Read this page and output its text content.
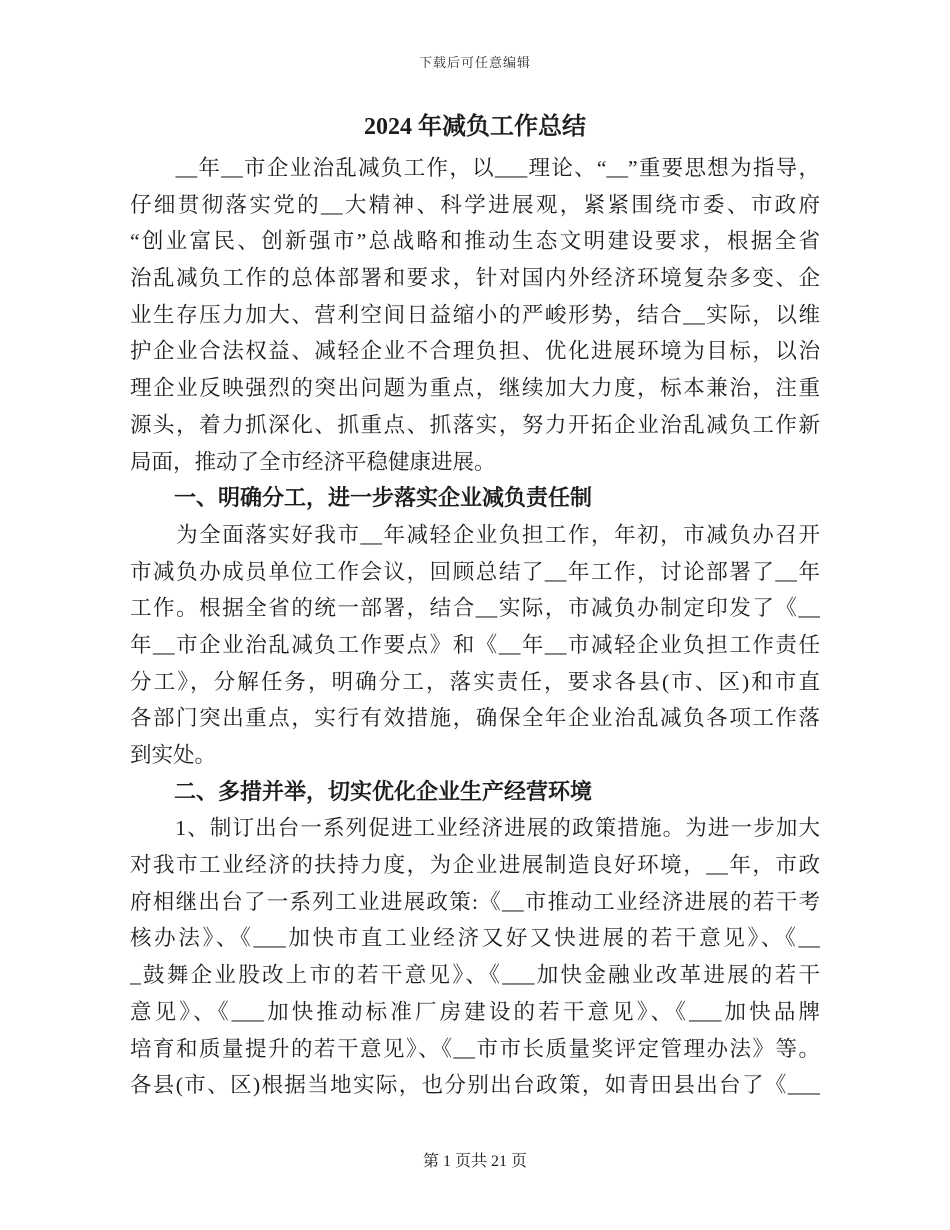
下载后可任意编辑
2024 年减负工作总结
　　__年__市企业治乱减负工作，以___理论、“__”重要思想为指导，
仔细贯彻落实党的__大精神、科学进展观，紧紧围绕市委、市政府
“创业富民、创新强市”总战略和推动生态文明建设要求，根据全省
治乱减负工作的总体部署和要求，针对国内外经济环境复杂多变、企
业生存压力加大、营利空间日益缩小的严峻形势，结合__实际，以维
护企业合法权益、减轻企业不合理负担、优化进展环境为目标，以治
理企业反映强烈的突出问题为重点，继续加大力度，标本兼治，注重
源头，着力抓深化、抓重点、抓落实，努力开拓企业治乱减负工作新
局面，推动了全市经济平稳健康进展。
　　一、明确分工，进一步落实企业减负责任制
　　为全面落实好我市__年减轻企业负担工作，年初，市减负办召开
市减负办成员单位工作会议，回顾总结了__年工作，讨论部署了__年
工作。根据全省的统一部署，结合__实际，市减负办制定印发了《__
年__市企业治乱减负工作要点》和《__年__市减轻企业负担工作责任
分工》，分解任务，明确分工，落实责任，要求各县(市、区)和市直
各部门突出重点，实行有效措施，确保全年企业治乱减负各项工作落
到实处。
　　二、多措并举，切实优化企业生产经营环境
　　1、制订出台一系列促进工业经济进展的政策措施。为进一步加大
对我市工业经济的扶持力度，为企业进展制造良好环境，__年，市政
府相继出台了一系列工业进展政策:《__市推动工业经济进展的若干考
核办法》、《___加快市直工业经济又好又快进展的若干意见》、《__
_鼓舞企业股改上市的若干意见》、《___加快金融业改革进展的若干
意见》、《___加快推动标准厂房建设的若干意见》、《___加快品牌
培育和质量提升的若干意见》、《__市市长质量奖评定管理办法》等。
各县(市、区)根据当地实际，也分别出台政策，如青田县出台了《___
第 1 页共 21 页
